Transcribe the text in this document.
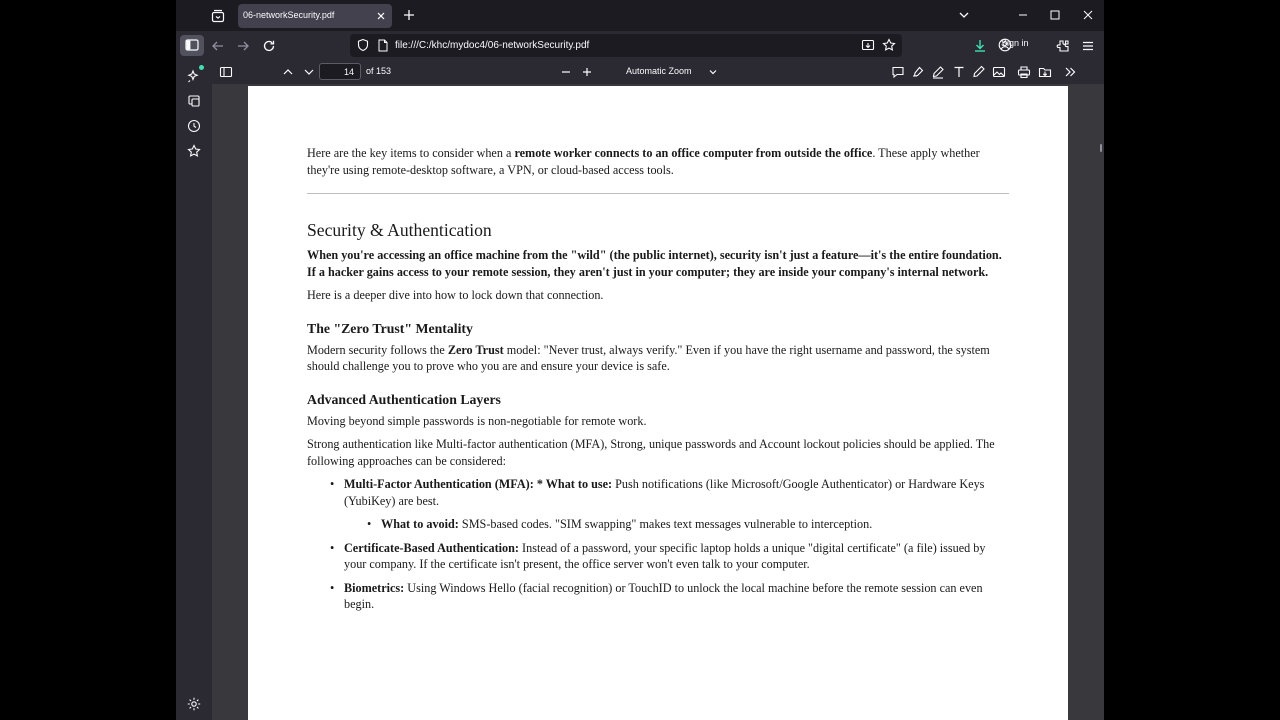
06-networkSecurity.pdf
file:///C:/khc/mydoc4/06-networkSecurity.pdf	Sign in
14	of 153	Automatic Zoom

Here are the key items to consider when a remote worker connects to an office computer from outside the office. These apply whether they're using remote-desktop software, a VPN, or cloud-based access tools.

Security & Authentication

When you're accessing an office machine from the "wild" (the public internet), security isn't just a feature—it's the entire foundation. If a hacker gains access to your remote session, they aren't just in your computer; they are inside your company's internal network.

Here is a deeper dive into how to lock down that connection.

The "Zero Trust" Mentality

Modern security follows the Zero Trust model: "Never trust, always verify." Even if you have the right username and password, the system should challenge you to prove who you are and ensure your device is safe.

Advanced Authentication Layers

Moving beyond simple passwords is non-negotiable for remote work.

Strong authentication like Multi-factor authentication (MFA), Strong, unique passwords and Account lockout policies should be applied. The following approaches can be considered:

• Multi-Factor Authentication (MFA): * What to use: Push notifications (like Microsoft/Google Authenticator) or Hardware Keys (YubiKey) are best.
• What to avoid: SMS-based codes. "SIM swapping" makes text messages vulnerable to interception.
• Certificate-Based Authentication: Instead of a password, your specific laptop holds a unique "digital certificate" (a file) issued by your company. If the certificate isn't present, the office server won't even talk to your computer.
• Biometrics: Using Windows Hello (facial recognition) or TouchID to unlock the local machine before the remote session can even begin.
